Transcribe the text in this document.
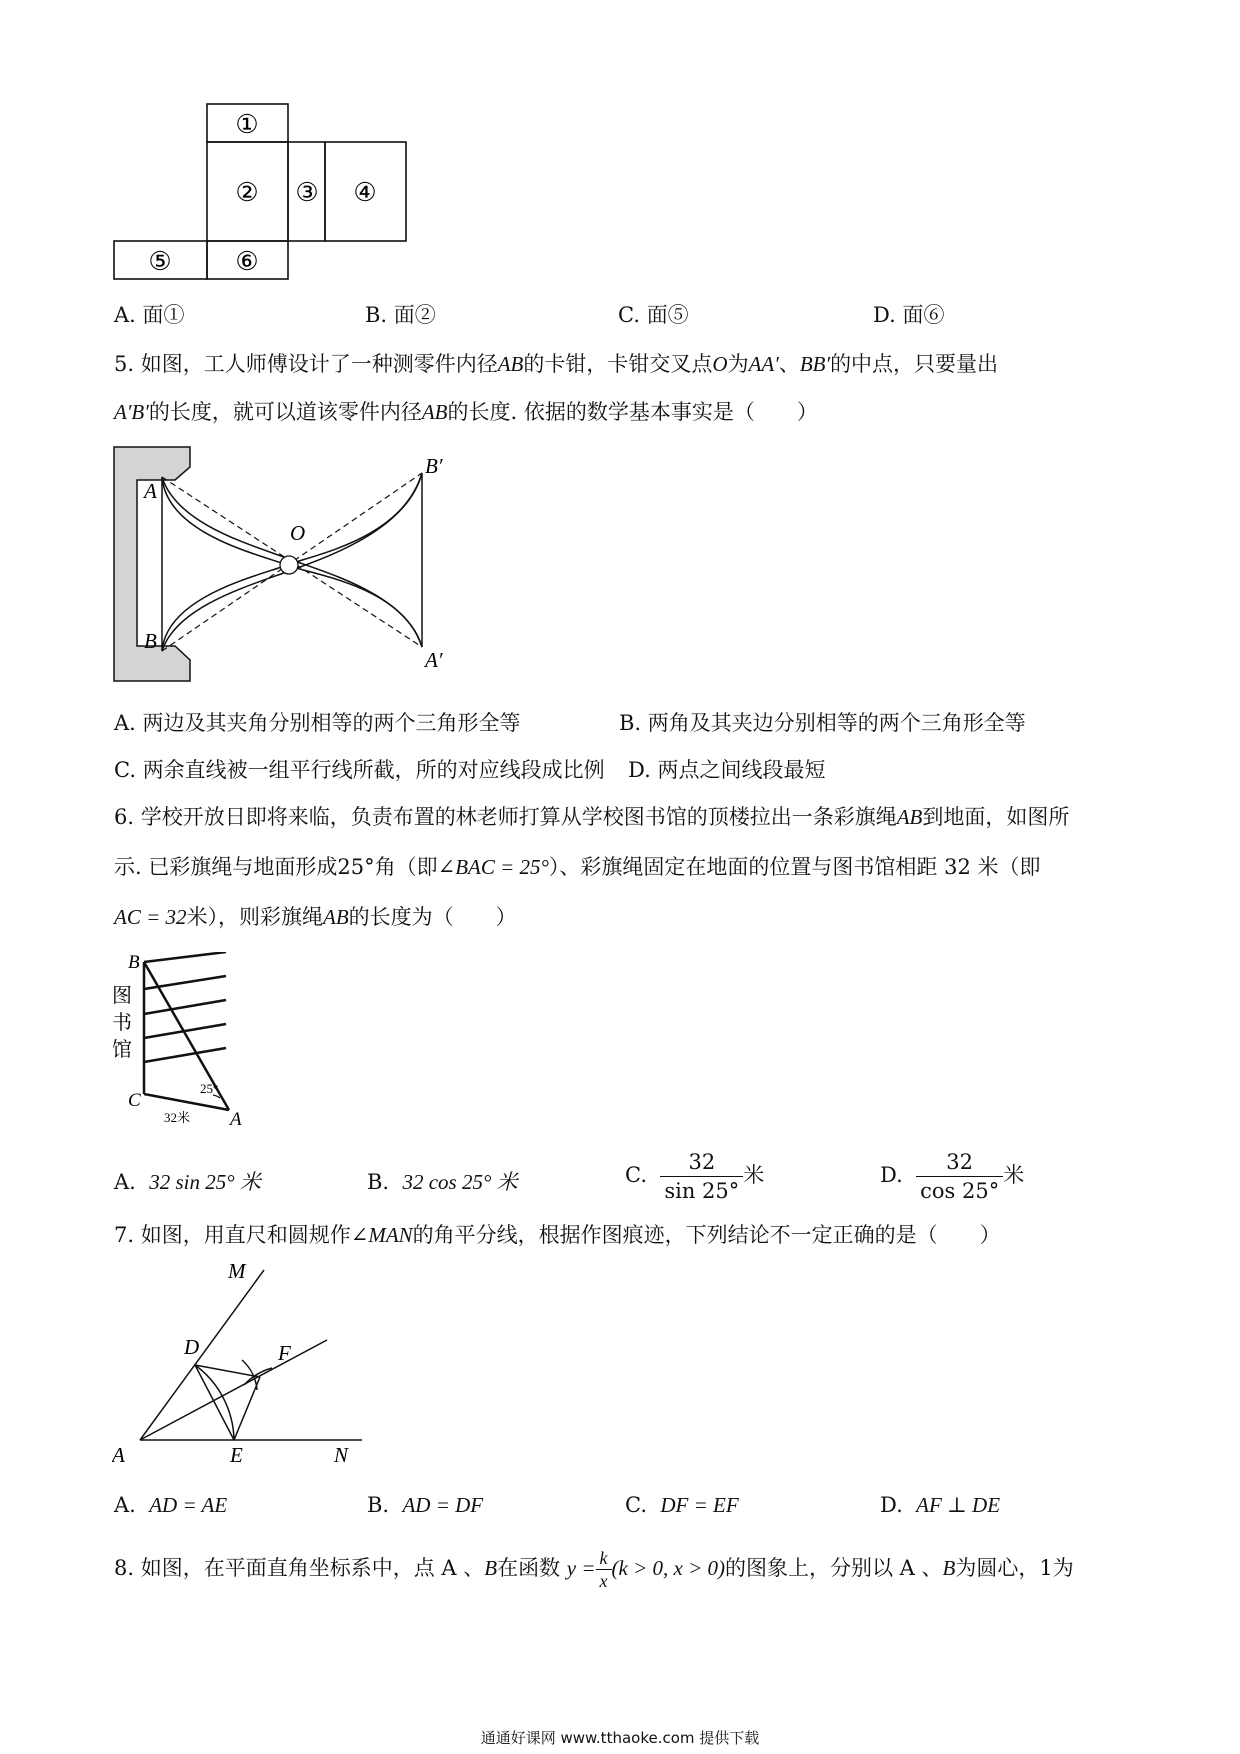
①
② ③ ④
⑤ ⑥
A. 面①	B. 面②	C. 面⑤	D. 面⑥
5. 如图，工人师傅设计了一种测零件内径AB的卡钳，卡钳交叉点O为AA′、BB′的中点，只要量出
A′B′的长度，就可以道该零件内径AB的长度. 依据的数学基本事实是（　　）
A
B
O
B′
A′
A. 两边及其夹角分别相等的两个三角形全等	B. 两角及其夹边分别相等的两个三角形全等
C. 两余直线被一组平行线所截，所的对应线段成比例 D. 两点之间线段最短
6. 学校开放日即将来临，负责布置的林老师打算从学校图书馆的顶楼拉出一条彩旗绳AB到地面，如图所
示. 已彩旗绳与地面形成25°角（即∠BAC = 25°）、彩旗绳固定在地面的位置与图书馆相距 32 米（即
AC = 32米），则彩旗绳AB的长度为（　　）
B
C
A
图
书
馆
25°
32米
A. 32 sin 25° 米	B. 32 cos 25° 米	C. $\frac{32}{\sin 25^\circ}$ 米	D. $\frac{32}{\cos 25^\circ}$ 米
7. 如图，用直尺和圆规作∠MAN的角平分线，根据作图痕迹，下列结论不一定正确的是（　　）
M
D	F
A	E	N
A. AD = AE	B. AD = DF	C. DF = EF	D. AF ⊥ DE
8. 如图，在平面直角坐标系中，点 A 、B在函数 $y = \frac{k}{x} (k > 0$, x > 0)的图象上，分别以 A 、B为圆心，1为
通通好课网 www.tthaoke.com 提供下载
